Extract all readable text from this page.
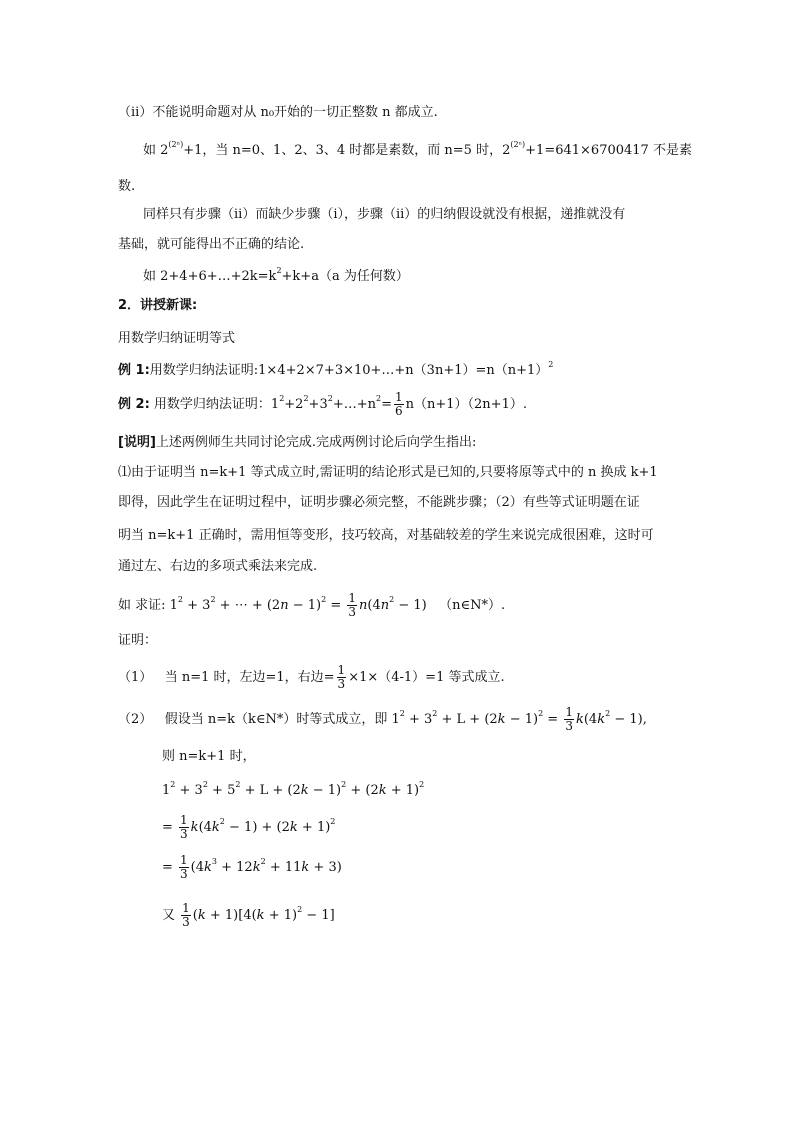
（ii）不能说明命题对从 n₀开始的一切正整数 n 都成立.
如 $2^{(2^n)}+1$，当 n=0、1、2、3、4 时都是素数，而 n=5 时，$2^{(2^n)}+1=641\times 6700417$ 不是素
数.
同样只有步骤（ii）而缺少步骤（i），步骤（ii）的归纳假设就没有根据，递推就没有
基础，就可能得出不正确的结论.
如 $2+4+6+\dots+2k=k^2+k+a(a$ 为任何数）
2．讲授新课:
用数学归纳证明等式
例 1:用数学归纳法证明$:1\times 4+2\times 7+3\times 10+\dots+n(3n+1)=n(n+1)^2$
例 2: 用数学归纳法证明：$1^2+2^2+3^2+\dots+n^2= \frac{1}{6} n(n+1)(2n+1)$.
[说明]上述两例师生共同讨论完成.完成两例讨论后向学生指出:
⑴由于证明当 n=k+1 等式成立时,需证明的结论形式是已知的,只要将原等式中的 n 换成 k+1
即得，因此学生在证明过程中，证明步骤必须完整，不能跳步骤；（2）有些等式证明题在证
明当 n=k+1 正确时，需用恒等变形，技巧较高，对基础较差的学生来说完成很困难，这时可
通过左、右边的多项式乘法来完成.
如 求证: $1^2 + 3^2$ + ⋯ + $(2n - 1)^2 = \frac{1}{3} n(4n^2 - 1)$ （n∈N*）.
证明：
（1） 当 n=1 时，左边=1，右边= $\frac{1}{3} \times 1\times(4-1)=1$ 等式成立.
（2） 假设当 n=k（k∈N*）时等式成立，即 $1^2 + 3^2 + L + (2k - 1)^2 = \frac{1}{3} k(4k^2 - 1)$,
则 n=k+1 时，
$1^2 + 3^2 + 5^2 + L + (2k - 1)^2 + (2k + 1)^2$
= $\frac{1}{3} k(4k^2 - 1) + (2k + 1)^2$
= $\frac{1}{3} (4k^3 + 12k^2 + 11k + 3)$
又 $\frac{1}{3} (k + 1)[4(k + 1)^2 - 1]$
